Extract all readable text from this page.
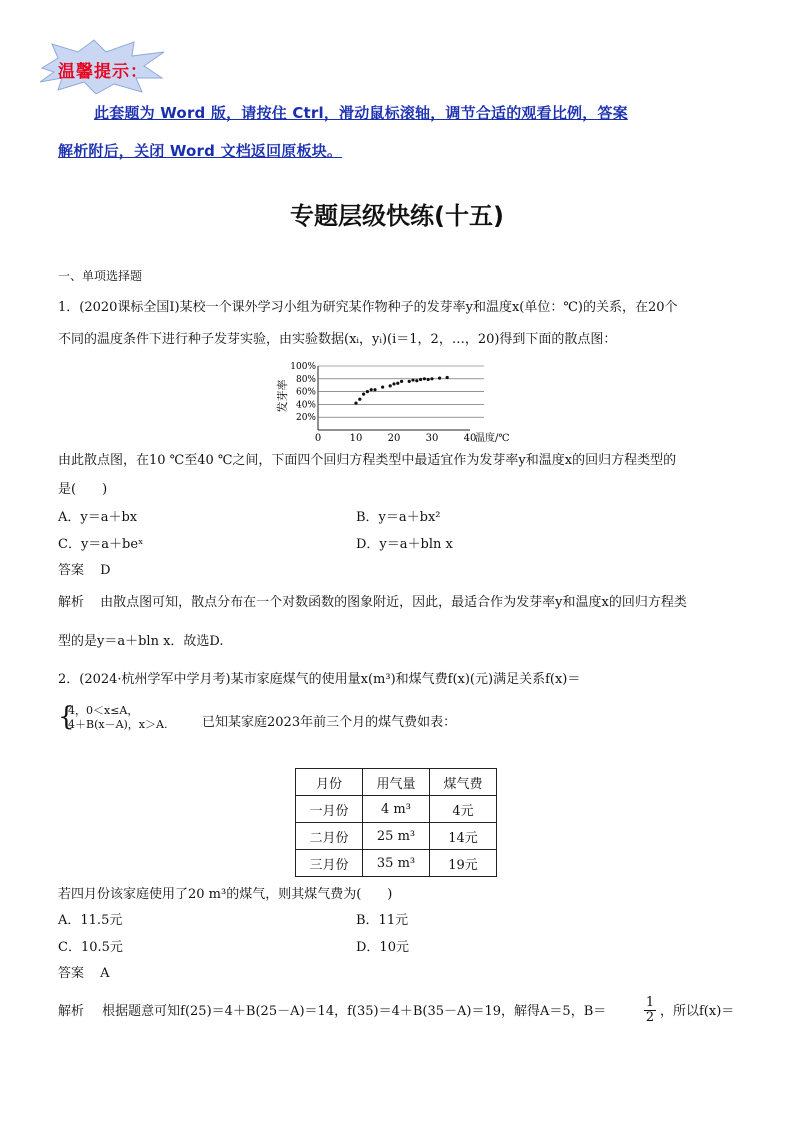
温馨提示：
此套题为 Word 版，请按住 Ctrl，滑动鼠标滚轴，调节合适的观看比例，答案
解析附后，关闭 Word 文档返回原板块。
专题层级快练(十五)
一、单项选择题
1．(2020课标全国Ⅰ)某校一个课外学习小组为研究某作物种子的发芽率y和温度x(单位：℃)的关系，在20个
不同的温度条件下进行种子发芽实验，由实验数据(xᵢ，yᵢ)(i＝1，2，…，20)得到下面的散点图：
发芽率
20%
40%
60%
80%
100%
0	10	20	30	40
温度/℃
由此散点图，在10 ℃至40 ℃之间，下面四个回归方程类型中最适宜作为发芽率y和温度x的回归方程类型的
是(　　)
A．y＝a＋bx	B．y＝a＋bx²
C．y＝a＋beˣ	D．y＝a＋bln x
答案 D
解析 由散点图可知，散点分布在一个对数函数的图象附近，因此，最适合作为发芽率y和温度x的回归方程类
型的是y＝a＋bln x．故选D.
2．(2024·杭州学军中学月考)某市家庭煤气的使用量x(m³)和煤气费f(x)(元)满足关系f(x)＝
{
4，0＜x≤A，
4＋B(x－A)，x＞A.	已知某家庭2023年前三个月的煤气费如表：
月份	用气量	煤气费
一月份	4 m³	4元
二月份	25 m³	14元
三月份	35 m³	19元
若四月份该家庭使用了20 m³的煤气，则其煤气费为(　　)
A．11.5元	B．11元
C．10.5元	D．10元
答案 A
解析 根据题意可知f(25)＝4＋B(25－A)＝14，f(35)＝4＋B(35－A)＝19，解得A＝5，B＝	$\frac{1}{2}$ ，所以f(x)＝
